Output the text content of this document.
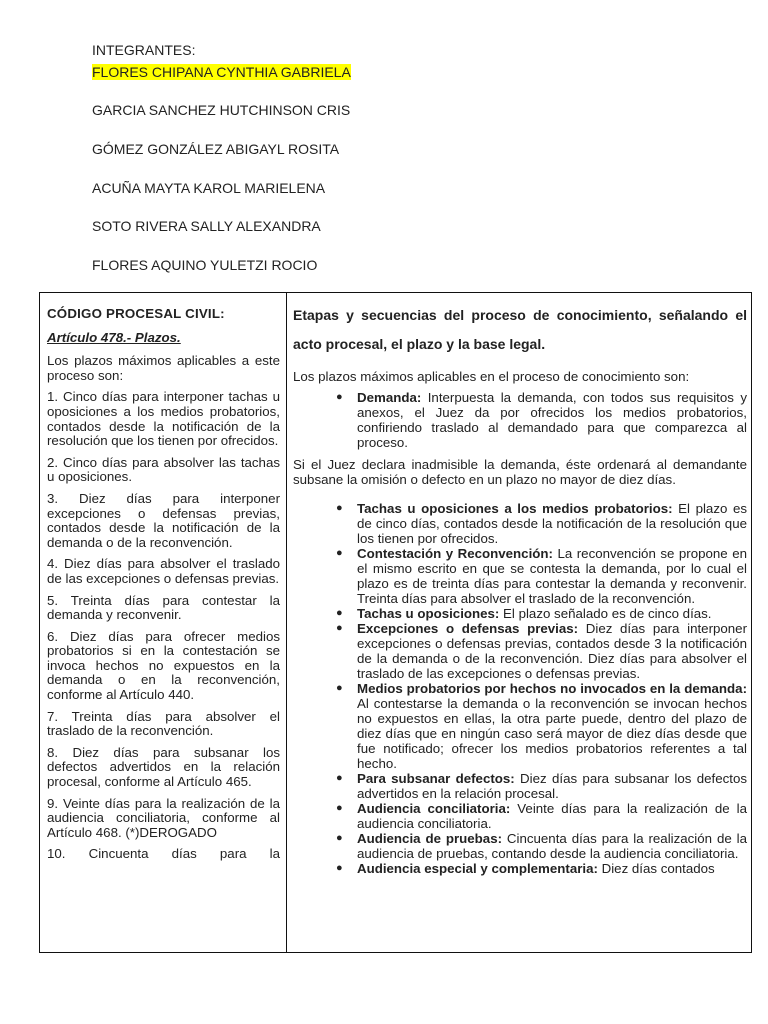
INTEGRANTES:
FLORES CHIPANA CYNTHIA GABRIELA
GARCIA SANCHEZ HUTCHINSON CRIS
GÓMEZ GONZÁLEZ ABIGAYL ROSITA
ACUÑA MAYTA KAROL MARIELENA
SOTO RIVERA SALLY ALEXANDRA
FLORES AQUINO YULETZI ROCIO

CÓDIGO PROCESAL CIVIL:

Artículo 478.- Plazos.

Los plazos máximos aplicables a este proceso son:

1. Cinco días para interponer tachas u oposiciones a los medios probatorios, contados desde la notificación de la resolución que los tienen por ofrecidos.

2. Cinco días para absolver las tachas u oposiciones.

3. Diez días para interponer excepciones o defensas previas, contados desde la notificación de la demanda o de la reconvención.

4. Diez días para absolver el traslado de las excepciones o defensas previas.

5. Treinta días para contestar la demanda y reconvenir.

6. Diez días para ofrecer medios probatorios si en la contestación se invoca hechos no expuestos en la demanda o en la reconvención, conforme al Artículo 440.

7. Treinta días para absolver el traslado de la reconvención.

8. Diez días para subsanar los defectos advertidos en la relación procesal, conforme al Artículo 465.

9. Veinte días para la realización de la audiencia conciliatoria, conforme al Artículo 468. (*)DEROGADO

10. Cincuenta días para la

Etapas y secuencias del proceso de conocimiento, señalando el acto procesal, el plazo y la base legal.

Los plazos máximos aplicables en el proceso de conocimiento son:

● Demanda: Interpuesta la demanda, con todos sus requisitos y anexos, el Juez da por ofrecidos los medios probatorios, confiriendo traslado al demandado para que comparezca al proceso.

Si el Juez declara inadmisible la demanda, éste ordenará al demandante subsane la omisión o defecto en un plazo no mayor de diez días.

● Tachas u oposiciones a los medios probatorios: El plazo es de cinco días, contados desde la notificación de la resolución que los tienen por ofrecidos.
● Contestación y Reconvención: La reconvención se propone en el mismo escrito en que se contesta la demanda, por lo cual el plazo es de treinta días para contestar la demanda y reconvenir. Treinta días para absolver el traslado de la reconvención.
● Tachas u oposiciones: El plazo señalado es de cinco días.
● Excepciones o defensas previas: Diez días para interponer excepciones o defensas previas, contados desde 3 la notificación de la demanda o de la reconvención. Diez días para absolver el traslado de las excepciones o defensas previas.
● Medios probatorios por hechos no invocados en la demanda: Al contestarse la demanda o la reconvención se invocan hechos no expuestos en ellas, la otra parte puede, dentro del plazo de diez días que en ningún caso será mayor de diez días desde que fue notificado; ofrecer los medios probatorios referentes a tal hecho.
● Para subsanar defectos: Diez días para subsanar los defectos advertidos en la relación procesal.
● Audiencia conciliatoria: Veinte días para la realización de la audiencia conciliatoria.
● Audiencia de pruebas: Cincuenta días para la realización de la audiencia de pruebas, contando desde la audiencia conciliatoria.
● Audiencia especial y complementaria: Diez días contados
